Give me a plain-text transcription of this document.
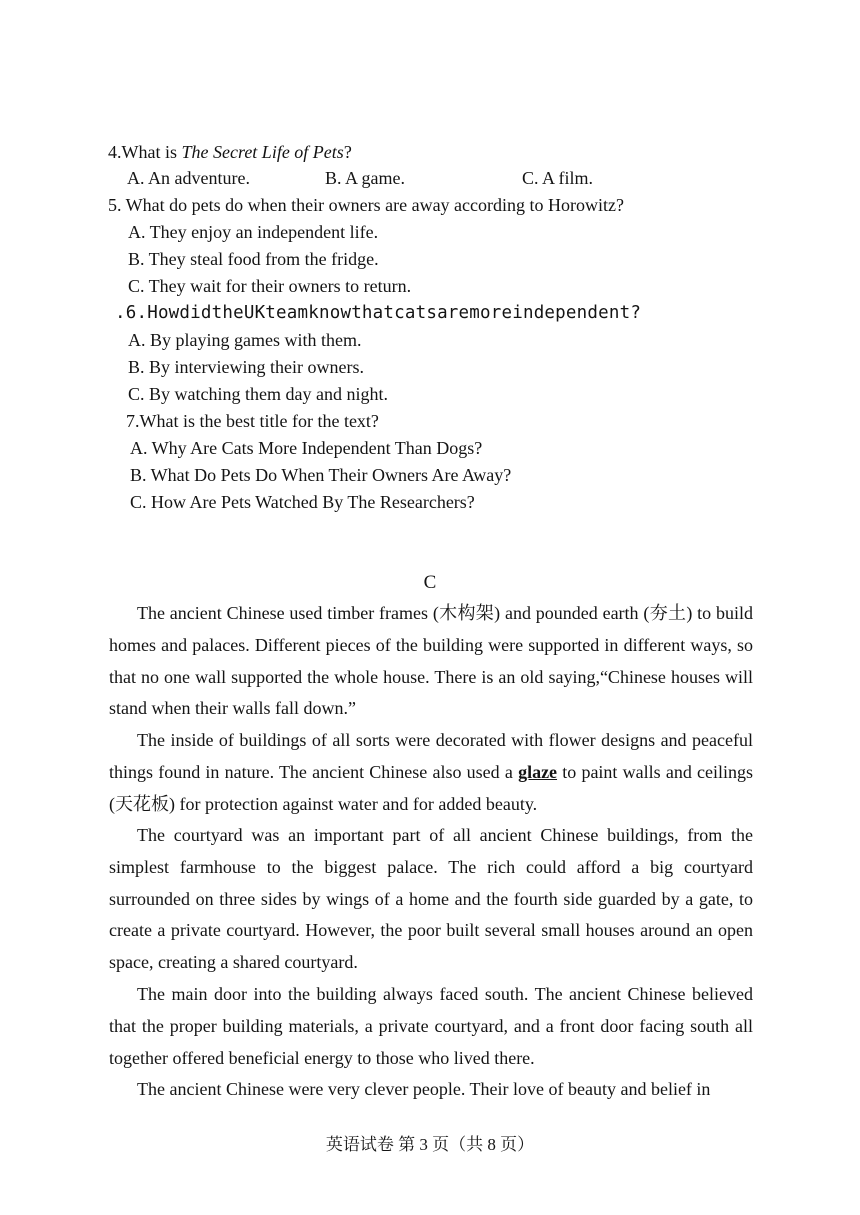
4.What is The Secret Life of Pets?
A. An adventure.	B. A game.	C. A film.
5. What do pets do when their owners are away according to Horowitz?
A. They enjoy an independent life.
B. They steal food from the fridge.
C. They wait for their owners to return.
.6.HowdidtheUKteamknowthatcatsaremoreindependent?
A. By playing games with them.
B. By interviewing their owners.
C. By watching them day and night.
7.What is the best title for the text?
A. Why Are Cats More Independent Than Dogs?
B. What Do Pets Do When Their Owners Are Away?
C. How Are Pets Watched By The Researchers?
C

The ancient Chinese used timber frames (木构架) and pounded earth (夯土) to build homes and palaces. Different pieces of the building were supported in different ways, so that no one wall supported the whole house. There is an old saying,“Chinese houses will stand when their walls fall down.”

The inside of buildings of all sorts were decorated with flower designs and peaceful things found in nature. The ancient Chinese also used a glaze to paint walls and ceilings (天花板) for protection against water and for added beauty.

The courtyard was an important part of all ancient Chinese buildings, from the simplest farmhouse to the biggest palace. The rich could afford a big courtyard surrounded on three sides by wings of a home and the fourth side guarded by a gate, to create a private courtyard. However, the poor built several small houses around an open space, creating a shared courtyard.

The main door into the building always faced south. The ancient Chinese believed that the proper building materials, a private courtyard, and a front door facing south all together offered beneficial energy to those who lived there.

The ancient Chinese were very clever people. Their love of beauty and belief in

英语试卷 第 3 页（共 8 页）
